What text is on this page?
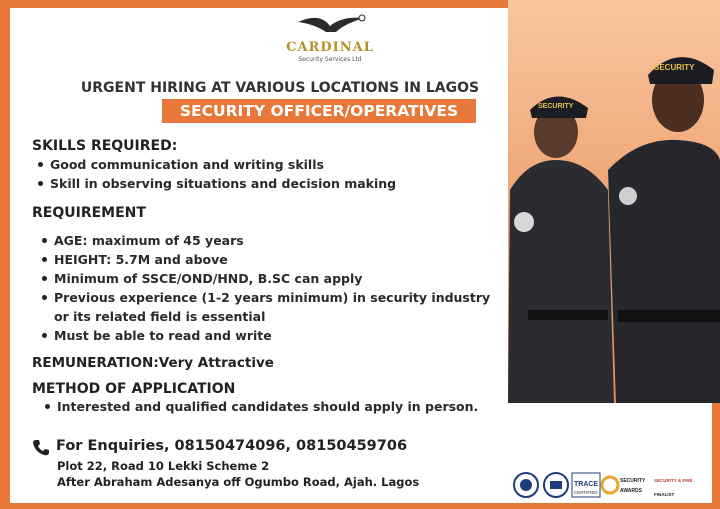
SECURITY
SECURITY
CARDINAL
Security Services Ltd
URGENT HIRING AT VARIOUS LOCATIONS IN LAGOS
SECURITY OFFICER/OPERATIVES
SKILLS REQUIRED:
Good communication and writing skills
Skill in observing situations and decision making
REQUIREMENT
AGE: maximum of 45 years
HEIGHT: 5.7M and above
Minimum of SSCE/OND/HND, B.SC can apply
Previous experience (1-2 years minimum) in security industry
or its related field is essential
Must be able to read and write
REMUNERATION:Very Attractive
METHOD OF APPLICATION
Interested and qualified candidates should apply in person.
For Enquiries, 08150474096, 08150459706
Plot 22, Road 10 Lekki Scheme 2
After Abraham Adesanya off Ogumbo Road, Ajah. Lagos	TRACE
CERTIFIED
SECURITY
AWARDS
SECURITY & FIRE
FINALIST
